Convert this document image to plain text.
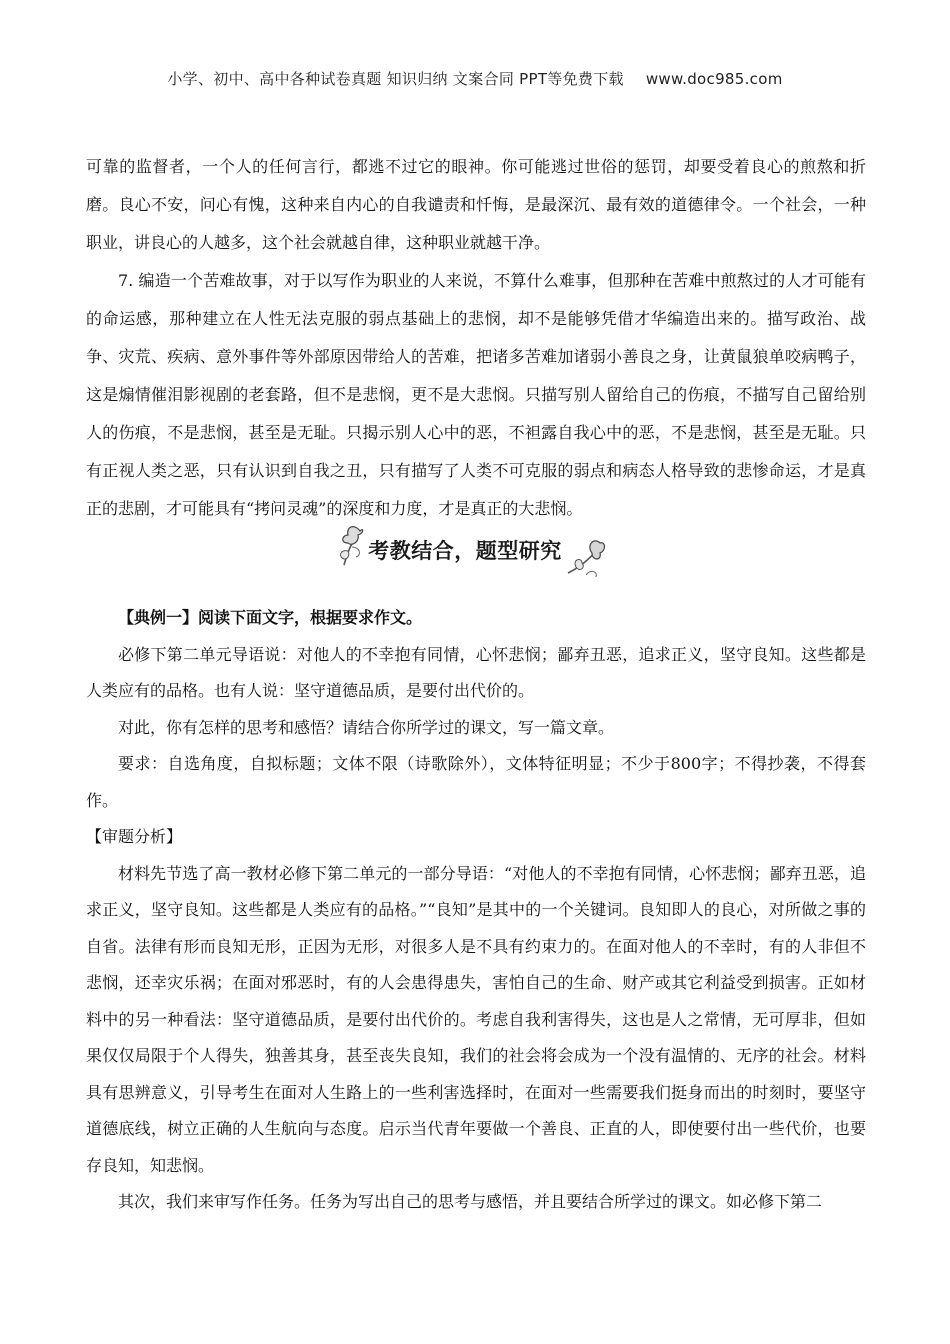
小学、初中、高中各种试卷真题 知识归纳 文案合同 PPT等免费下载 www.doc985.com

可靠的监督者，一个人的任何言行，都逃不过它的眼神。你可能逃过世俗的惩罚，却要受着良心的煎熬和折磨。良心不安，问心有愧，这种来自内心的自我谴责和忏悔，是最深沉、最有效的道德律令。一个社会，一种职业，讲良心的人越多，这个社会就越自律，这种职业就越干净。

7. 编造一个苦难故事，对于以写作为职业的人来说，不算什么难事，但那种在苦难中煎熬过的人才可能有的命运感，那种建立在人性无法克服的弱点基础上的悲悯，却不是能够凭借才华编造出来的。描写政治、战争、灾荒、疾病、意外事件等外部原因带给人的苦难，把诸多苦难加诸弱小善良之身，让黄鼠狼单咬病鸭子，这是煽情催泪影视剧的老套路，但不是悲悯，更不是大悲悯。只描写别人留给自己的伤痕，不描写自己留给别人的伤痕，不是悲悯，甚至是无耻。只揭示别人心中的恶，不袒露自我心中的恶，不是悲悯，甚至是无耻。只有正视人类之恶，只有认识到自我之丑，只有描写了人类不可克服的弱点和病态人格导致的悲惨命运，才是真正的悲剧，才可能具有“拷问灵魂”的深度和力度，才是真正的大悲悯。

考教结合，题型研究

【典例一】阅读下面文字，根据要求作文。

必修下第二单元导语说：对他人的不幸抱有同情，心怀悲悯；鄙弃丑恶，追求正义，坚守良知。这些都是人类应有的品格。也有人说：坚守道德品质，是要付出代价的。

对此，你有怎样的思考和感悟？请结合你所学过的课文，写一篇文章。

要求：自选角度，自拟标题；文体不限（诗歌除外），文体特征明显；不少于800字；不得抄袭，不得套作。

【审题分析】

材料先节选了高一教材必修下第二单元的一部分导语：“对他人的不幸抱有同情，心怀悲悯；鄙弃丑恶，追求正义，坚守良知。这些都是人类应有的品格。”“良知”是其中的一个关键词。良知即人的良心，对所做之事的自省。法律有形而良知无形，正因为无形，对很多人是不具有约束力的。在面对他人的不幸时，有的人非但不悲悯，还幸灾乐祸；在面对邪恶时，有的人会患得患失，害怕自己的生命、财产或其它利益受到损害。正如材料中的另一种看法：坚守道德品质，是要付出代价的。考虑自我利害得失，这也是人之常情，无可厚非，但如果仅仅局限于个人得失，独善其身，甚至丧失良知，我们的社会将会成为一个没有温情的、无序的社会。材料具有思辨意义，引导考生在面对人生路上的一些利害选择时，在面对一些需要我们挺身而出的时刻时，要坚守道德底线，树立正确的人生航向与态度。启示当代青年要做一个善良、正直的人，即使要付出一些代价，也要存良知，知悲悯。

其次，我们来审写作任务。任务为写出自己的思考与感悟，并且要结合所学过的课文。如必修下第二
